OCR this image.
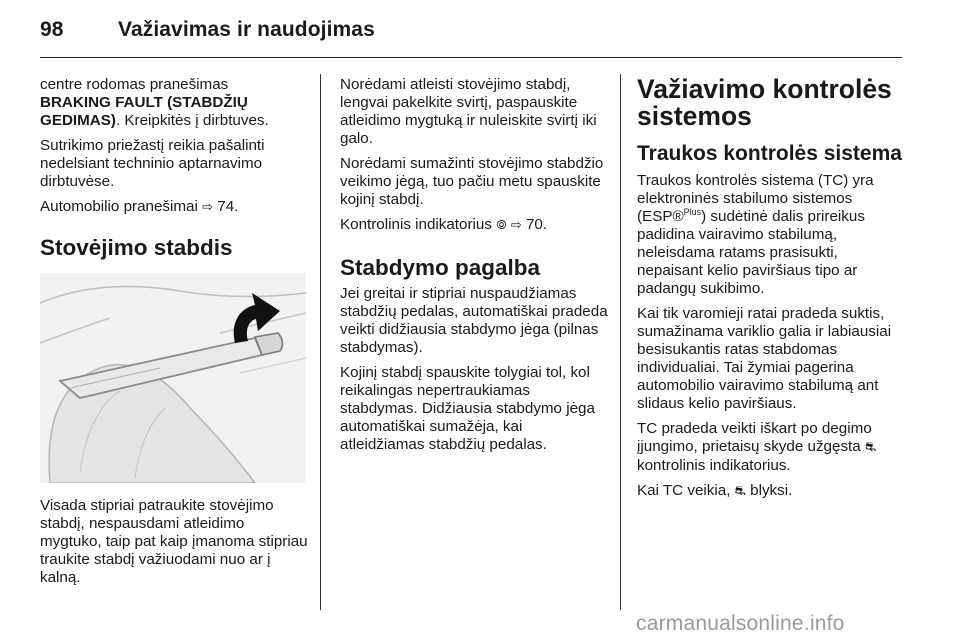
98	Važiavimas ir naudojimas

centre rodomas pranešimas
BRAKING FAULT (STABDŽIŲ GEDIMAS). Kreipkitės į dirbtuves.

Sutrikimo priežastį reikia pašalinti nedelsiant techninio aptarnavimo dirbtuvėse.

Automobilio pranešimai ⇨ 74.

Stovėjimo stabdis

Visada stipriai patraukite stovėjimo stabdį, nespausdami atleidimo mygtuko, taip pat kaip įmanoma stipriau traukite stabdį važiuodami nuo ar į kalną.

Norėdami atleisti stovėjimo stabdį, lengvai pakelkite svirtį, paspauskite atleidimo mygtuką ir nuleiskite svirtį iki galo.

Norėdami sumažinti stovėjimo stabdžio veikimo jėgą, tuo pačiu metu spauskite kojinį stabdį.

Kontrolinis indikatorius ⦾ ⇨ 70.

Stabdymo pagalba

Jei greitai ir stipriai nuspaudžiamas stabdžių pedalas, automatiškai pradeda veikti didžiausia stabdymo jėga (pilnas stabdymas).

Kojinį stabdį spauskite tolygiai tol, kol reikalingas nepertraukiamas stabdymas. Didžiausia stabdymo jėga automatiškai sumažėja, kai atleidžiamas stabdžių pedalas.

Važiavimo kontrolės sistemos
Traukos kontrolės sistema

Traukos kontrolės sistema (TC) yra elektroninės stabilumo sistemos (ESP®$^{Plus}$) sudėtinė dalis prireikus padidina vairavimo stabilumą, neleisdama ratams prasisukti, nepaisant kelio paviršiaus tipo ar padangų sukibimo.

Kai tik varomieji ratai pradeda suktis, sumažinama variklio galia ir labiausiai besisukantis ratas stabdomas individualiai. Tai žymiai pagerina automobilio vairavimo stabilumą ant slidaus kelio paviršiaus.

TC pradeda veikti iškart po degimo įjungimo, prietaisų skyde užgęsta ⛐
kontrolinis indikatorius.

Kai TC veikia, ⛐ blyksi.

carmanualsonline.info
